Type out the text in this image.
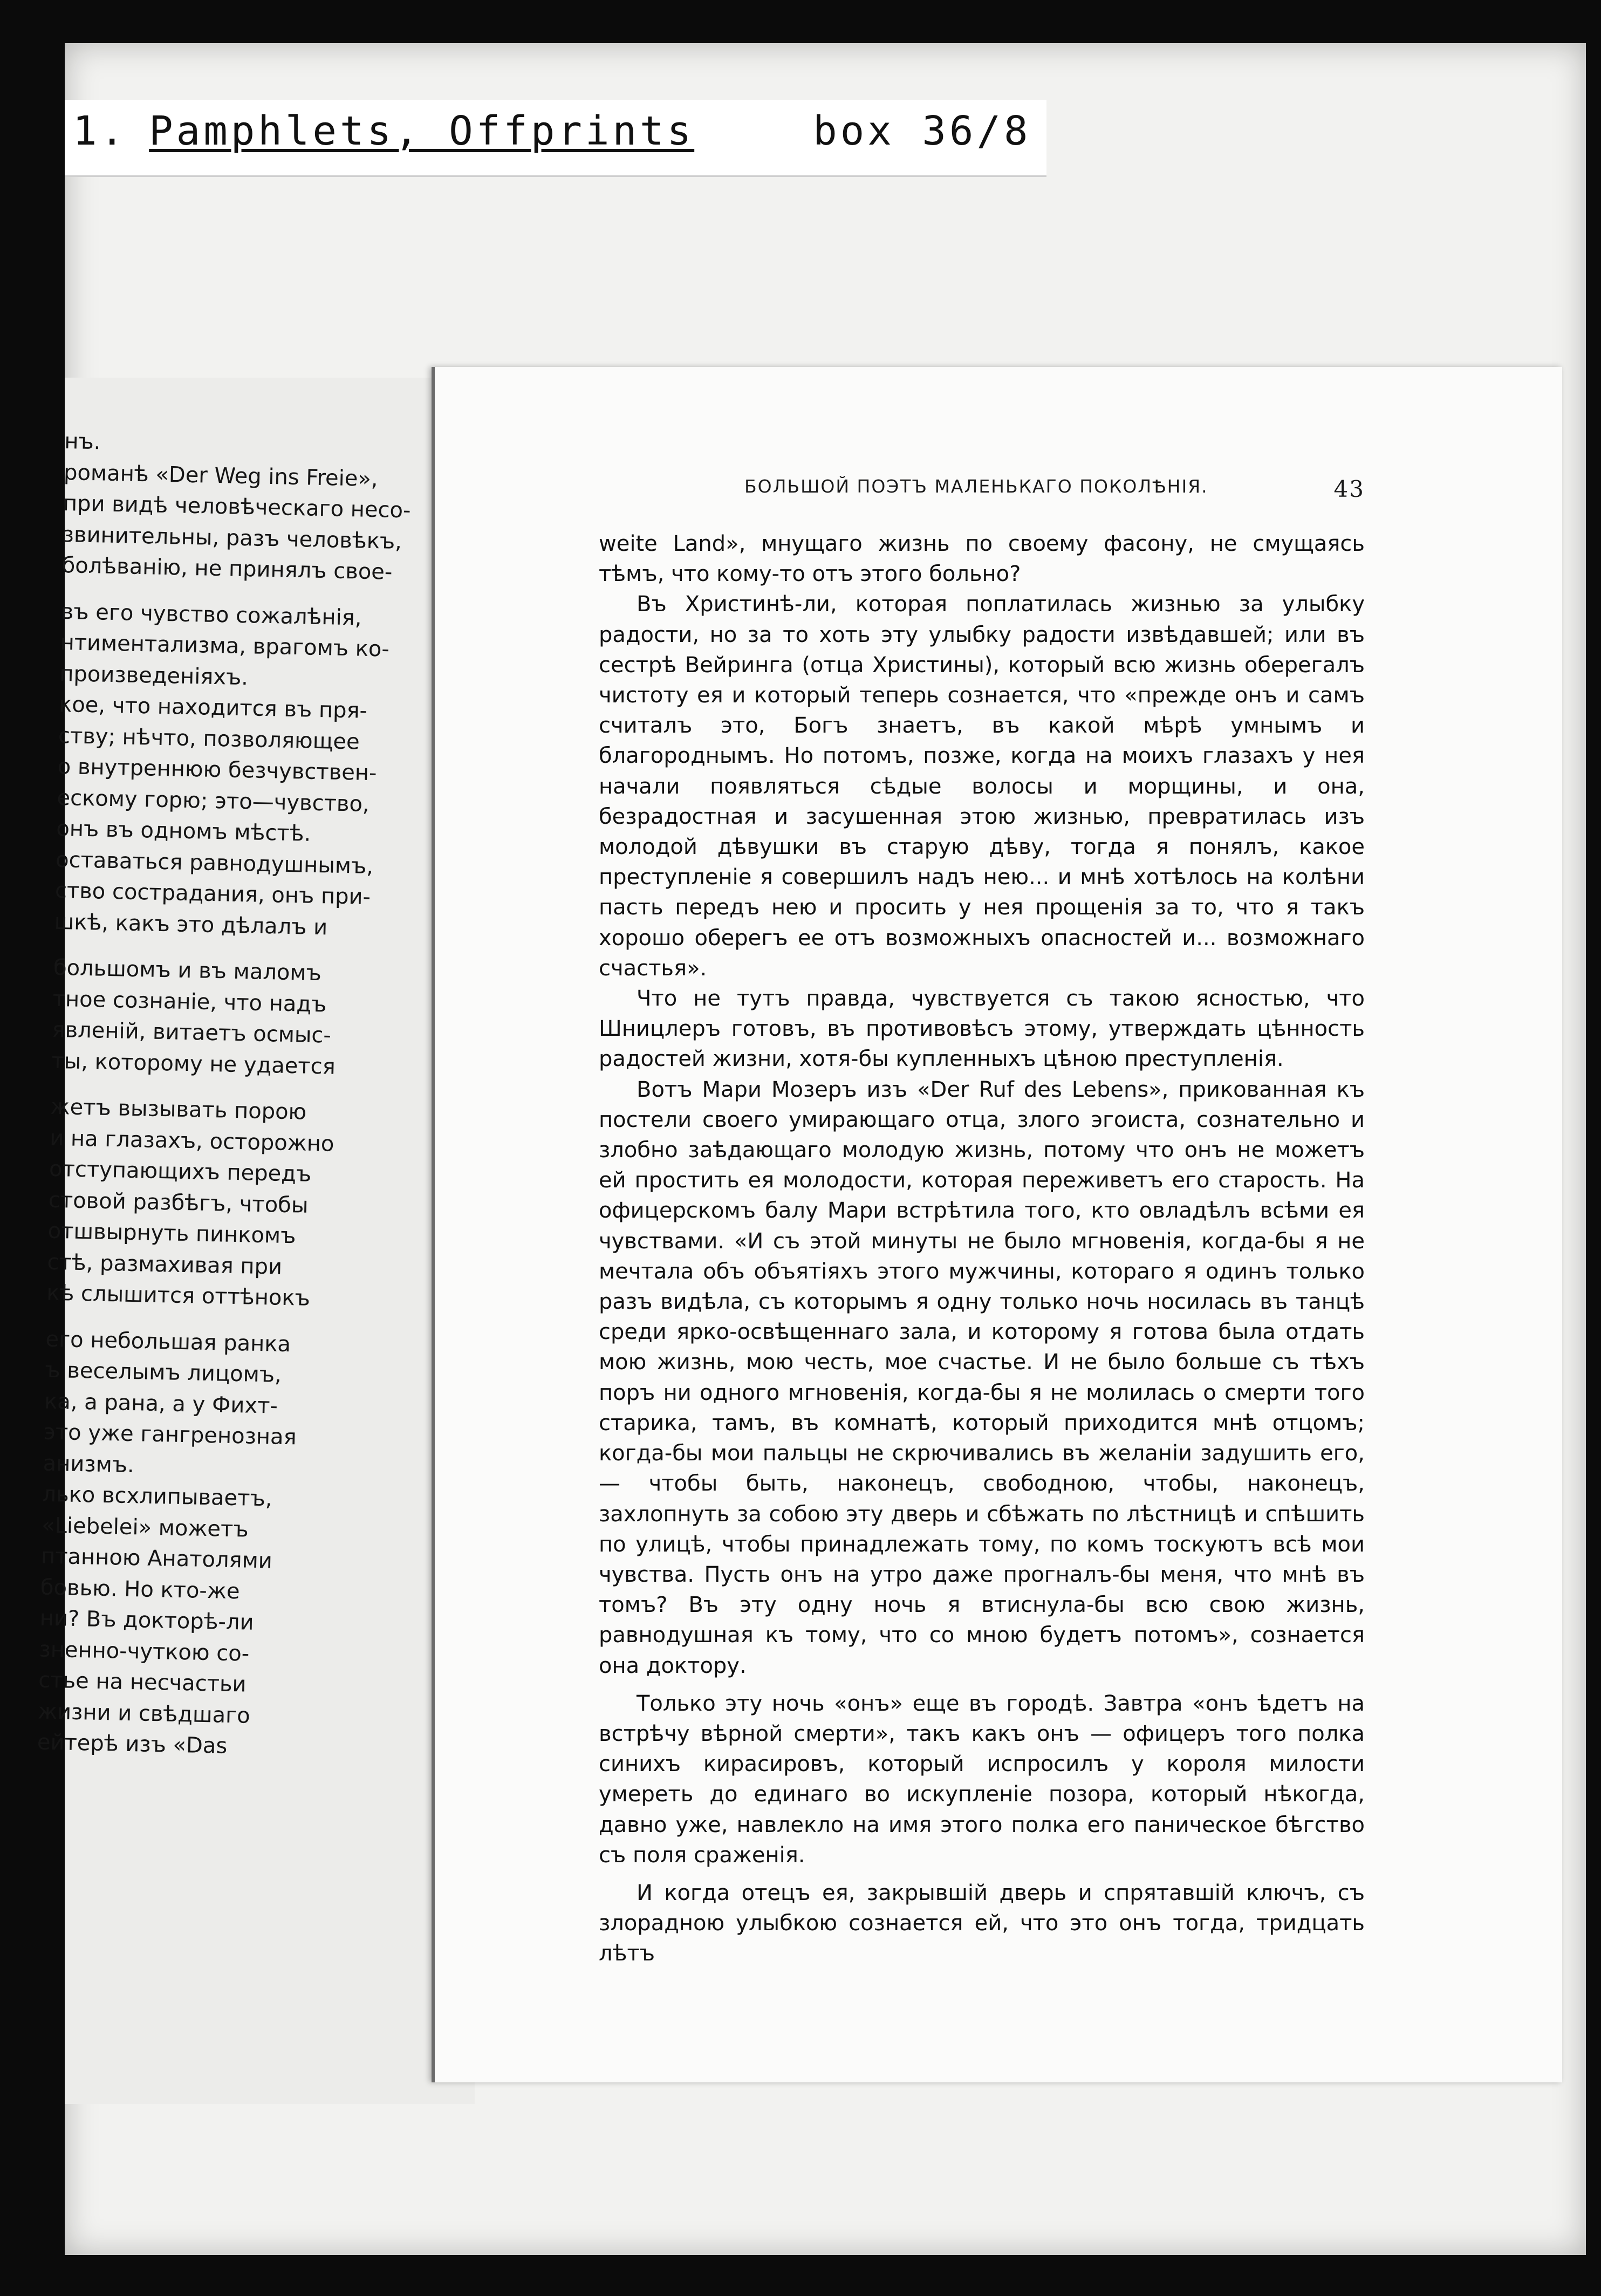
1. Pamphlets, Offprints	box 36/8
нъ.
романѣ «Der Weg ins Freie»,
при видѣ человѣческаго несо-
звинительны, разъ человѣкъ,
болѣванію, не принялъ свое-
въ его чувство сожалѣнія,
нтиментализма, врагомъ ко-
произведеніяхъ.
кое, что находится въ пря-
ству; нѣчто, позволяющее
о внутреннюю безчувствен-
ескому горю; это—чувство,
онъ въ одномъ мѣстѣ.
оставаться равнодушнымъ,
ство сострадания, онъ при-
шкѣ, какъ это дѣлалъ и
большомъ и въ маломъ
тное сознаніе, что надъ
явленій, витаетъ осмыс-
ты, которому не удается
жетъ вызывать порою
и на глазахъ, осторожно
отступающихъ передъ
стовой разбѣгъ, чтобы
отшвырнуть пинкомъ
стѣ, размахивая при
кѣ слышится оттѣнокъ
его небольшая ранка
ъ веселымъ лицомъ,
ка, а рана, а у Фихт-
это уже гангренозная
анизмъ.
лько всхлипываетъ,
«Liebelei» можетъ
птанною Анатолями
бовью. Но кто-же
ни? Въ докторѣ-ли
зненно-чуткою со-
стье на несчастьи
жизни и свѣдшаго
ейтерѣ изъ «Das
БОЛЬШОЙ ПОЭТЪ МАЛЕНЬКАГО ПОКОЛѢНІЯ.	43

weite Land», мнущаго жизнь по своему фасону, не смущаясь тѣмъ, что кому-то отъ этого больно?

Въ Христинѣ-ли, которая поплатилась жизнью за улыбку радости, но за то хоть эту улыбку радости извѣдавшей; или въ сестрѣ Вейринга (отца Христины), который всю жизнь оберегалъ чистоту ея и который теперь сознается, что «прежде онъ и самъ считалъ это, Богъ знаетъ, въ какой мѣрѣ умнымъ и благороднымъ. Но потомъ, позже, когда на моихъ глазахъ у нея начали появляться сѣдые волосы и морщины, и она, безрадостная и засушенная этою жизнью, превратилась изъ молодой дѣвушки въ старую дѣву, тогда я понялъ, какое преступленіе я совершилъ надъ нею... и мнѣ хотѣлось на колѣни пасть передъ нею и просить у нея прощенія за то, что я такъ хорошо оберегъ ее отъ возможныхъ опасностей и... возможнаго счастья».

Что не тутъ правда, чувствуется съ такою ясностью, что Шницлеръ готовъ, въ противовѣсъ этому, утверждать цѣнность радостей жизни, хотя-бы купленныхъ цѣною преступленія.

Вотъ Мари Мозеръ изъ «Der Ruf des Lebens», прикованная къ постели своего умирающаго отца, злого эгоиста, сознательно и злобно заѣдающаго молодую жизнь, потому что онъ не можетъ ей простить ея молодости, которая переживетъ его старость. На офицерскомъ балу Мари встрѣтила того, кто овладѣлъ всѣми ея чувствами. «И съ этой минуты не было мгновенія, когда-бы я не мечтала объ объятіяхъ этого мужчины, котораго я одинъ только разъ видѣла, съ которымъ я одну только ночь носилась въ танцѣ среди ярко-освѣщеннаго зала, и которому я готова была отдать мою жизнь, мою честь, мое счастье. И не было больше съ тѣхъ поръ ни одного мгновенія, когда-бы я не молилась о смерти того старика, тамъ, въ комнатѣ, который приходится мнѣ отцомъ; когда-бы мои пальцы не скрючивались въ желаніи задушить его,— чтобы быть, наконецъ, свободною, чтобы, наконецъ, захлопнуть за собою эту дверь и сбѣжать по лѣстницѣ и спѣшить по улицѣ, чтобы принадлежать тому, по комъ тоскуютъ всѣ мои чувства. Пусть онъ на утро даже прогналъ-бы меня, что мнѣ въ томъ? Въ эту одну ночь я втиснула-бы всю свою жизнь, равнодушная къ тому, что со мною будетъ потомъ», сознается она доктору.

Только эту ночь «онъ» еще въ городѣ. Завтра «онъ ѣдетъ на встрѣчу вѣрной смерти», такъ какъ онъ — офицеръ того полка синихъ кирасировъ, который испросилъ у короля милости умереть до единаго во искупленіе позора, который нѣкогда, давно уже, навлекло на имя этого полка его паническое бѣгство съ поля сраженія.

И когда отецъ ея, закрывшій дверь и спрятавшій ключъ, съ злорадною улыбкою сознается ей, что это онъ тогда, тридцать лѣтъ
